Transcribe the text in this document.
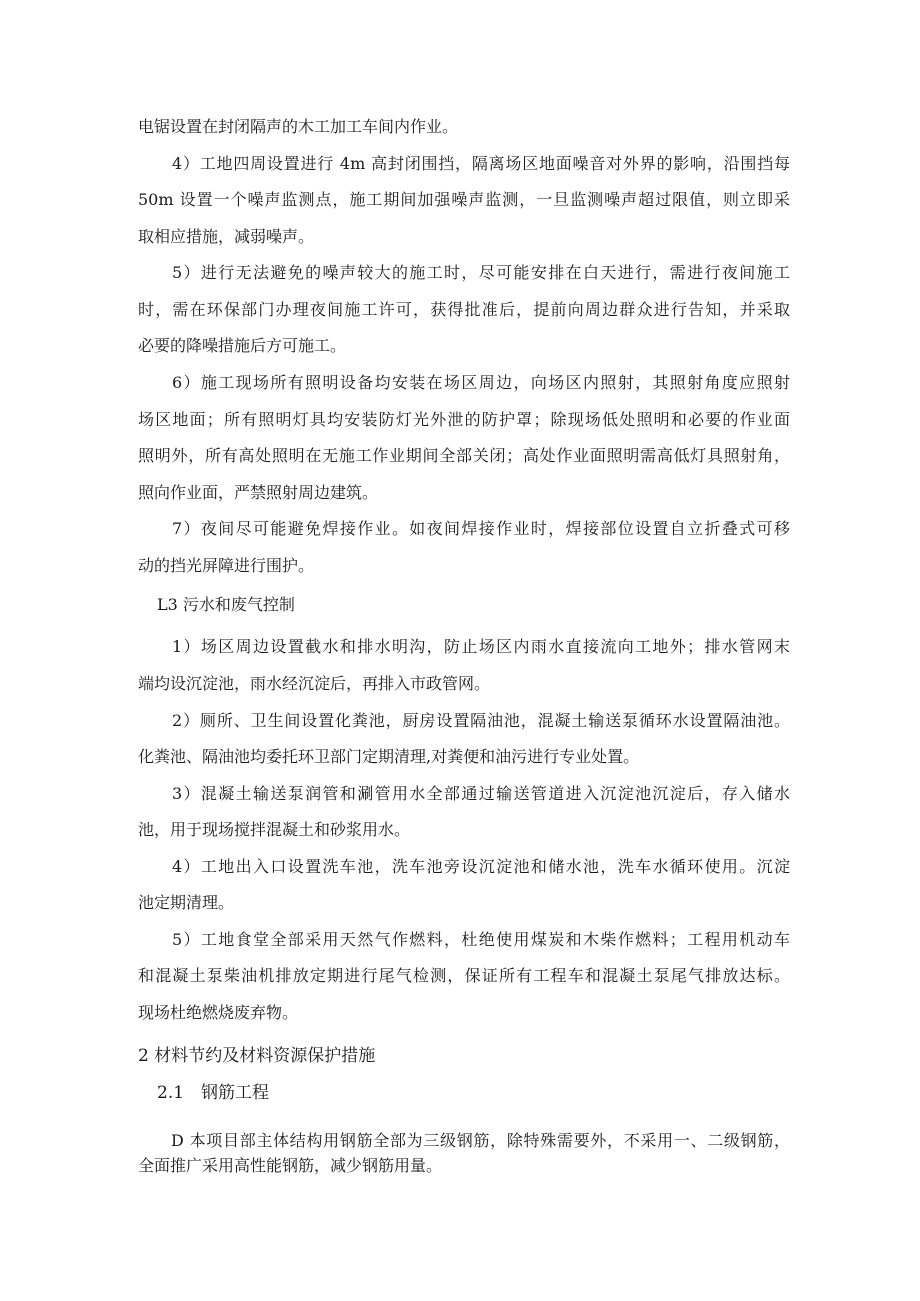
电锯设置在封闭隔声的木工加工车间内作业。
4）工地四周设置进行 4m 高封闭围挡，隔离场区地面噪音对外界的影响，沿围挡每
50m 设置一个噪声监测点，施工期间加强噪声监测，一旦监测噪声超过限值，则立即采
取相应措施，减弱噪声。
5）进行无法避免的噪声较大的施工时，尽可能安排在白天进行，需进行夜间施工
时，需在环保部门办理夜间施工许可，获得批准后，提前向周边群众进行告知，并采取
必要的降噪措施后方可施工。
6）施工现场所有照明设备均安装在场区周边，向场区内照射，其照射角度应照射
场区地面；所有照明灯具均安装防灯光外泄的防护罩；除现场低处照明和必要的作业面
照明外，所有高处照明在无施工作业期间全部关闭；高处作业面照明需高低灯具照射角，
照向作业面，严禁照射周边建筑。
7）夜间尽可能避免焊接作业。如夜间焊接作业时，焊接部位设置自立折叠式可移
动的挡光屏障进行围护。
L3 污水和废气控制
1）场区周边设置截水和排水明沟，防止场区内雨水直接流向工地外；排水管网末
端均设沉淀池，雨水经沉淀后，再排入市政管网。
2）厕所、卫生间设置化粪池，厨房设置隔油池，混凝土输送泵循环水设置隔油池。
化粪池、隔油池均委托环卫部门定期清理,对粪便和油污进行专业处置。
3）混凝土输送泵润管和涮管用水全部通过输送管道进入沉淀池沉淀后，存入储水
池，用于现场搅拌混凝土和砂浆用水。
4）工地出入口设置洗车池，洗车池旁设沉淀池和储水池，洗车水循环使用。沉淀
池定期清理。
5）工地食堂全部采用天然气作燃料，杜绝使用煤炭和木柴作燃料；工程用机动车
和混凝土泵柴油机排放定期进行尾气检测，保证所有工程车和混凝土泵尾气排放达标。
现场杜绝燃烧废弃物。
2 材料节约及材料资源保护措施
2.1　钢筋工程
D 本项目部主体结构用钢筋全部为三级钢筋，除特殊需要外，不采用一、二级钢筋，
全面推广采用高性能钢筋，减少钢筋用量。
